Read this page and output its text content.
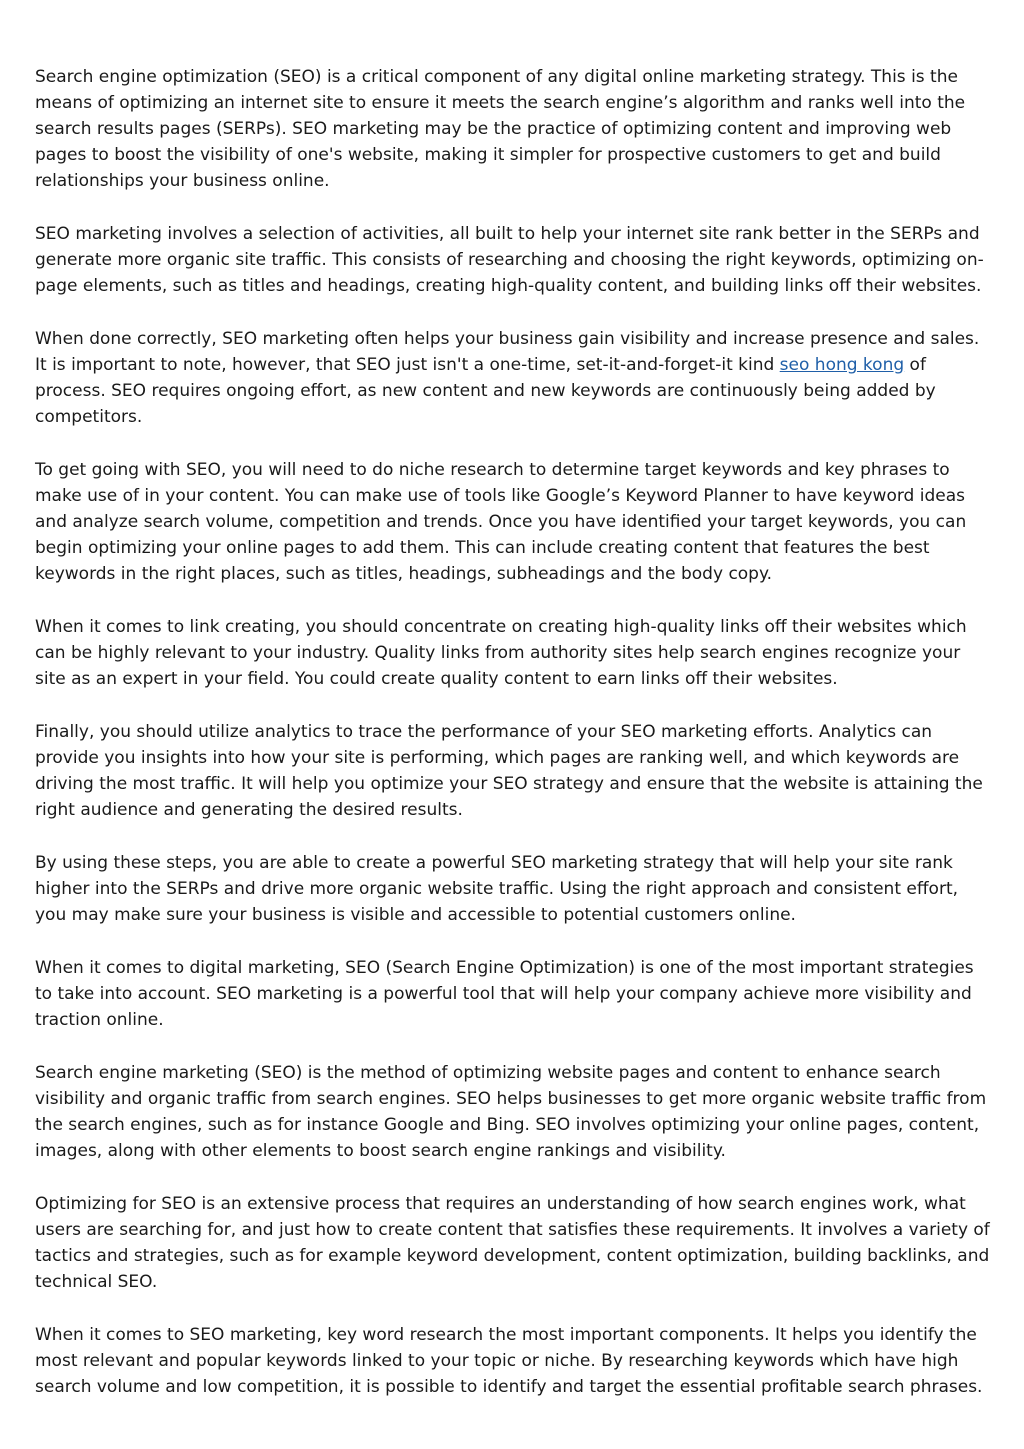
Search engine optimization (SEO) is a critical component of any digital online marketing strategy. This is the means of optimizing an internet site to ensure it meets the search engine’s algorithm and ranks well into the search results pages (SERPs). SEO marketing may be the practice of optimizing content and improving web pages to boost the visibility of one's website, making it simpler for prospective customers to get and build relationships your business online.

SEO marketing involves a selection of activities, all built to help your internet site rank better in the SERPs and generate more organic site traffic. This consists of researching and choosing the right keywords, optimizing on-page elements, such as titles and headings, creating high-quality content, and building links off their websites.

When done correctly, SEO marketing often helps your business gain visibility and increase presence and sales. It is important to note, however, that SEO just isn't a one-time, set-it-and-forget-it kind seo hong kong of process. SEO requires ongoing effort, as new content and new keywords are continuously being added by competitors.

To get going with SEO, you will need to do niche research to determine target keywords and key phrases to make use of in your content. You can make use of tools like Google’s Keyword Planner to have keyword ideas and analyze search volume, competition and trends. Once you have identified your target keywords, you can begin optimizing your online pages to add them. This can include creating content that features the best keywords in the right places, such as titles, headings, subheadings and the body copy.

When it comes to link creating, you should concentrate on creating high-quality links off their websites which can be highly relevant to your industry. Quality links from authority sites help search engines recognize your site as an expert in your field. You could create quality content to earn links off their websites.

Finally, you should utilize analytics to trace the performance of your SEO marketing efforts. Analytics can provide you insights into how your site is performing, which pages are ranking well, and which keywords are driving the most traffic. It will help you optimize your SEO strategy and ensure that the website is attaining the right audience and generating the desired results.

By using these steps, you are able to create a powerful SEO marketing strategy that will help your site rank higher into the SERPs and drive more organic website traffic. Using the right approach and consistent effort, you may make sure your business is visible and accessible to potential customers online.

When it comes to digital marketing, SEO (Search Engine Optimization) is one of the most important strategies to take into account. SEO marketing is a powerful tool that will help your company achieve more visibility and traction online.

Search engine marketing (SEO) is the method of optimizing website pages and content to enhance search visibility and organic traffic from search engines. SEO helps businesses to get more organic website traffic from the search engines, such as for instance Google and Bing. SEO involves optimizing your online pages, content, images, along with other elements to boost search engine rankings and visibility.

Optimizing for SEO is an extensive process that requires an understanding of how search engines work, what users are searching for, and just how to create content that satisfies these requirements. It involves a variety of tactics and strategies, such as for example keyword development, content optimization, building backlinks, and technical SEO.

When it comes to SEO marketing, key word research the most important components. It helps you identify the most relevant and popular keywords linked to your topic or niche. By researching keywords which have high search volume and low competition, it is possible to identify and target the essential profitable search phrases.
